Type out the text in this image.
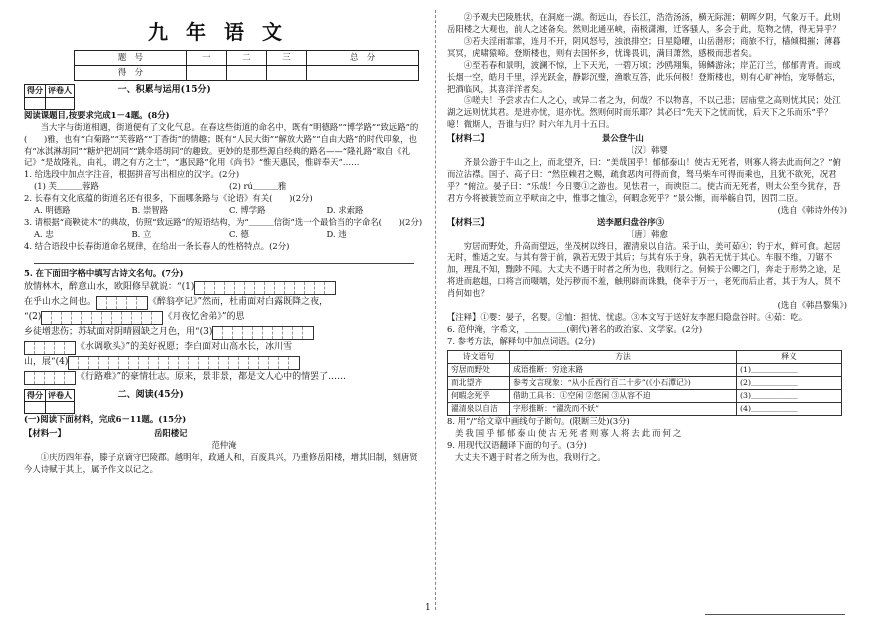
九年语文
题　号	一	二	三	总　分
得　分				
得分	评卷人
		一、积累与运用(15分)

阅读课题目,按要求完成1－4题。(8分)

当大字与街道相遇，街道便有了文化气息。在春这些街道的命名中，既有“明德路”“博学路”“致远路”的(　　)雅，也有“白菊路”“芙蓉路”“丁香街”的情趣；既有“人民大街”“解放大路”“自由大路”的时代印象，也有“冰淇淋胡同”“糖炉把胡同”“跳伞塔胡同”的趣致。更妙的是那些源自经典的路名——“隆礼路”取自《礼记》“是故隆礼，由礼，谓之有方之士”，“惠民路”化用《尚书》“惟天惠民，惟辟奉天”……

1. 给选段中加点字注音，根据拼音写出相应的汉字。(2分)

(1) 芙＿＿＿蓉路	(2) rú＿＿＿雅

2. 长春有文化底蕴的街道名还有很多，下面哪条路与《论语》有关(　　)(2分)

A. 明德路	B. 崇智路	C. 博学路	D. 求索路

3. 请根据“商鞅徒木”的典故，仿照“致远路”的短语结构，为“＿＿＿信街”选一个最恰当的字命名(　　)(2分)

A. 忠	B. 立	C. 德	D. 违

4. 结合语段中长春街道命名规律，在给出一条长春人的性格特点。(2分)

5. 在下面田字格中填写古诗文名句。(7分)

放情林木，醉意山水，欧阳修早就说：“(1)
在乎山水之间也。	《醉翁亭记》”然而，杜甫面对白露既降之夜，
“(2)	《月夜忆舍弟》”的思
乡徒增悲伤；苏轼面对阴晴圆缺之月色，用“(3)
《水调歌头》”的美好祝愿；李白面对山高水长，冰川雪
山，展“(4)
《行路难》”的豪情壮志。原来，景非景，都是文人心中的情罢了……
得分	评卷人
		二、阅读(45分)

(一)阅读下面材料，完成6－11题。(15分)

【材料一】	岳阳楼记

范仲淹

①庆历四年春，滕子京谪守巴陵郡。越明年，政通人和，百废具兴，乃重修岳阳楼，增其旧制，刻唐贤今人诗赋于其上，属予作文以记之。

②予观夫巴陵胜状，在洞庭一湖。衔远山，吞长江，浩浩汤汤，横无际涯；朝晖夕阴，气象万千。此则岳阳楼之大观也，前人之述备矣。然则北通巫峡，南极潇湘，迁客骚人，多会于此，览物之情，得无异乎？

③若夫淫雨霏霏，连月不开，阴风怒号，浊浪排空；日星隐曜，山岳潜形；商旅不行，樯倾楫摧；薄暮冥冥，虎啸猿啼。登斯楼也，则有去国怀乡，忧谗畏讥，满目萧然，感极而悲者矣。

④至若春和景明，波澜不惊，上下天光，一碧万顷；沙鸥翔集，锦鳞游泳；岸芷汀兰，郁郁青青。而或长烟一空，皓月千里，浮光跃金，静影沉璧，渔歌互答，此乐何极！登斯楼也，则有心旷神怡，宠辱偕忘，把酒临风，其喜洋洋者矣。

⑤嗟夫！予尝求古仁人之心，或异二者之为，何哉？不以物喜，不以己悲；居庙堂之高则忧其民；处江湖之远则忧其君。是进亦忧，退亦忧。然则何时而乐耶？其必曰“先天下之忧而忧，后天下之乐而乐”乎？噫！微斯人，吾谁与归？时六年九月十五日。

【材料二】	景公登牛山

〔汉〕韩婴

齐景公游于牛山之上，而北望齐，曰：“美哉国乎！郁郁泰山！使古无死者，则寡人将去此而何之？”俯而泣沾襟。国子、高子曰：“然臣赖君之赐，疏食恶肉可得而食，驽马柴车可得而乘也，且犹不欲死，况君乎？”俯泣。晏子曰：“乐哉！今日婴①之游也。见怯君一，而谀臣二。使古而无死者，则太公至今犹存，吾君方今将被蓑笠而立乎畎亩之中，惟事之恤②，何暇念死乎？”景公惭，而举觞自罚，因罚二臣。

(选自《韩诗外传》)

【材料三】	送李愿归盘谷序③

〔唐〕韩愈

穷居而野处，升高而望远，坐茂树以终日，濯清泉以自洁。采于山，美可茹④；钓于水，鲜可食。起居无时，惟适之安。与其有誉于前，孰若无毁于其后；与其有乐于身，孰若无忧于其心。车服不维，刀锯不加，理乱不知，黜陟不闻。大丈夫不遇于时者之所为也，我则行之。伺候于公卿之门，奔走于形势之途，足将进而趑趄，口将言而嗫嚅，处污秽而不羞，触刑辟而诛戮，侥幸于万一，老死而后止者，其于为人，贤不肖何如也？

(选自《韩昌黎集》)

【注释】①婴：晏子，名婴。②恤：担忧、忧虑。③本文写于送好友李愿归隐盘谷时。④茹：吃。

6. 范仲淹，字希文，＿＿＿＿＿(朝代)著名的政治家、文学家。(2分)

7. 参考方法，解释句中加点词语。(2分)

诗文语句	方法	释义
穷居而野处	成语推断：穷途末路	(1)＿＿＿＿＿＿
而北望齐	参考文言现象：“从小丘西行百二十步”(《小石潭记》)	(2)＿＿＿＿＿＿
何暇念死乎	借助工具书：①空闲 ②悠闲 ③从容不迫	(3)＿＿＿＿＿＿
濯清泉以自洁	字形推断：“濯洗而不妖”	(4)＿＿＿＿＿＿

8. 用“/”给文章中画线句子断句。(限断三处)(3分)

美我国乎郁郁泰山使古无死者则寡人将去此而何之

9. 用现代汉语翻译下面的句子。(3分)

大丈夫不遇于时者之所为也，我则行之。

1
